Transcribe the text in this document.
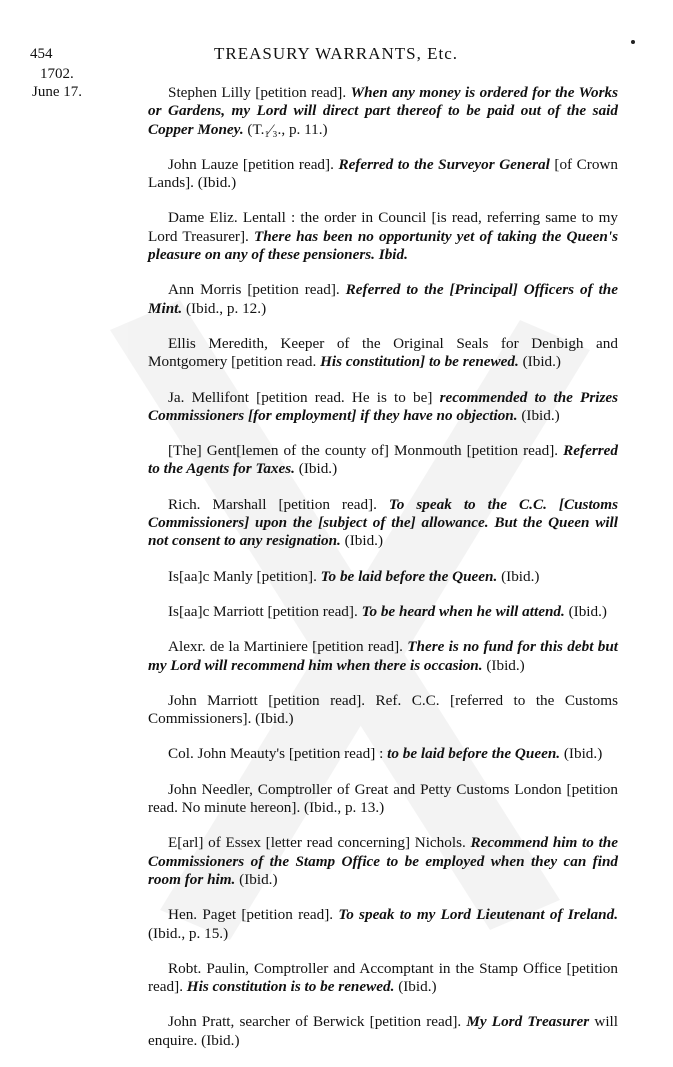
454	TREASURY WARRANTS, Etc.
1702.
June 17.	Stephen Lilly [petition read]. When any money is ordered for the Works or Gardens, my Lord will direct part thereof to be paid out of the said Copper Money. (T.₁⁄₃., p. 11.)

John Lauze [petition read]. Referred to the Surveyor General [of Crown Lands]. (Ibid.)

Dame Eliz. Lentall : the order in Council [is read, referring same to my Lord Treasurer]. There has been no opportunity yet of taking the Queen's pleasure on any of these pensioners. Ibid.

Ann Morris [petition read]. Referred to the [Principal] Officers of the Mint. (Ibid., p. 12.)

Ellis Meredith, Keeper of the Original Seals for Denbigh and Montgomery [petition read. His constitution] to be renewed. (Ibid.)

Ja. Mellifont [petition read. He is to be] recommended to the Prizes Commissioners [for employment] if they have no objection. (Ibid.)

[The] Gent[lemen of the county of] Monmouth [petition read]. Referred to the Agents for Taxes. (Ibid.)

Rich. Marshall [petition read]. To speak to the C.C. [Customs Commissioners] upon the [subject of the] allowance. But the Queen will not consent to any resignation. (Ibid.)

Is[aa]c Manly [petition]. To be laid before the Queen. (Ibid.)

Is[aa]c Marriott [petition read]. To be heard when he will attend. (Ibid.)

Alexr. de la Martiniere [petition read]. There is no fund for this debt but my Lord will recommend him when there is occasion. (Ibid.)

John Marriott [petition read]. Ref. C.C. [referred to the Customs Commissioners]. (Ibid.)

Col. John Meauty's [petition read] : to be laid before the Queen. (Ibid.)

John Needler, Comptroller of Great and Petty Customs London [petition read. No minute hereon]. (Ibid., p. 13.)

E[arl] of Essex [letter read concerning] Nichols. Recommend him to the Commissioners of the Stamp Office to be employed when they can find room for him. (Ibid.)

Hen. Paget [petition read]. To speak to my Lord Lieutenant of Ireland. (Ibid., p. 15.)

Robt. Paulin, Comptroller and Accomptant in the Stamp Office [petition read]. His constitution is to be renewed. (Ibid.)

John Pratt, searcher of Berwick [petition read]. My Lord Treasurer will enquire. (Ibid.)
